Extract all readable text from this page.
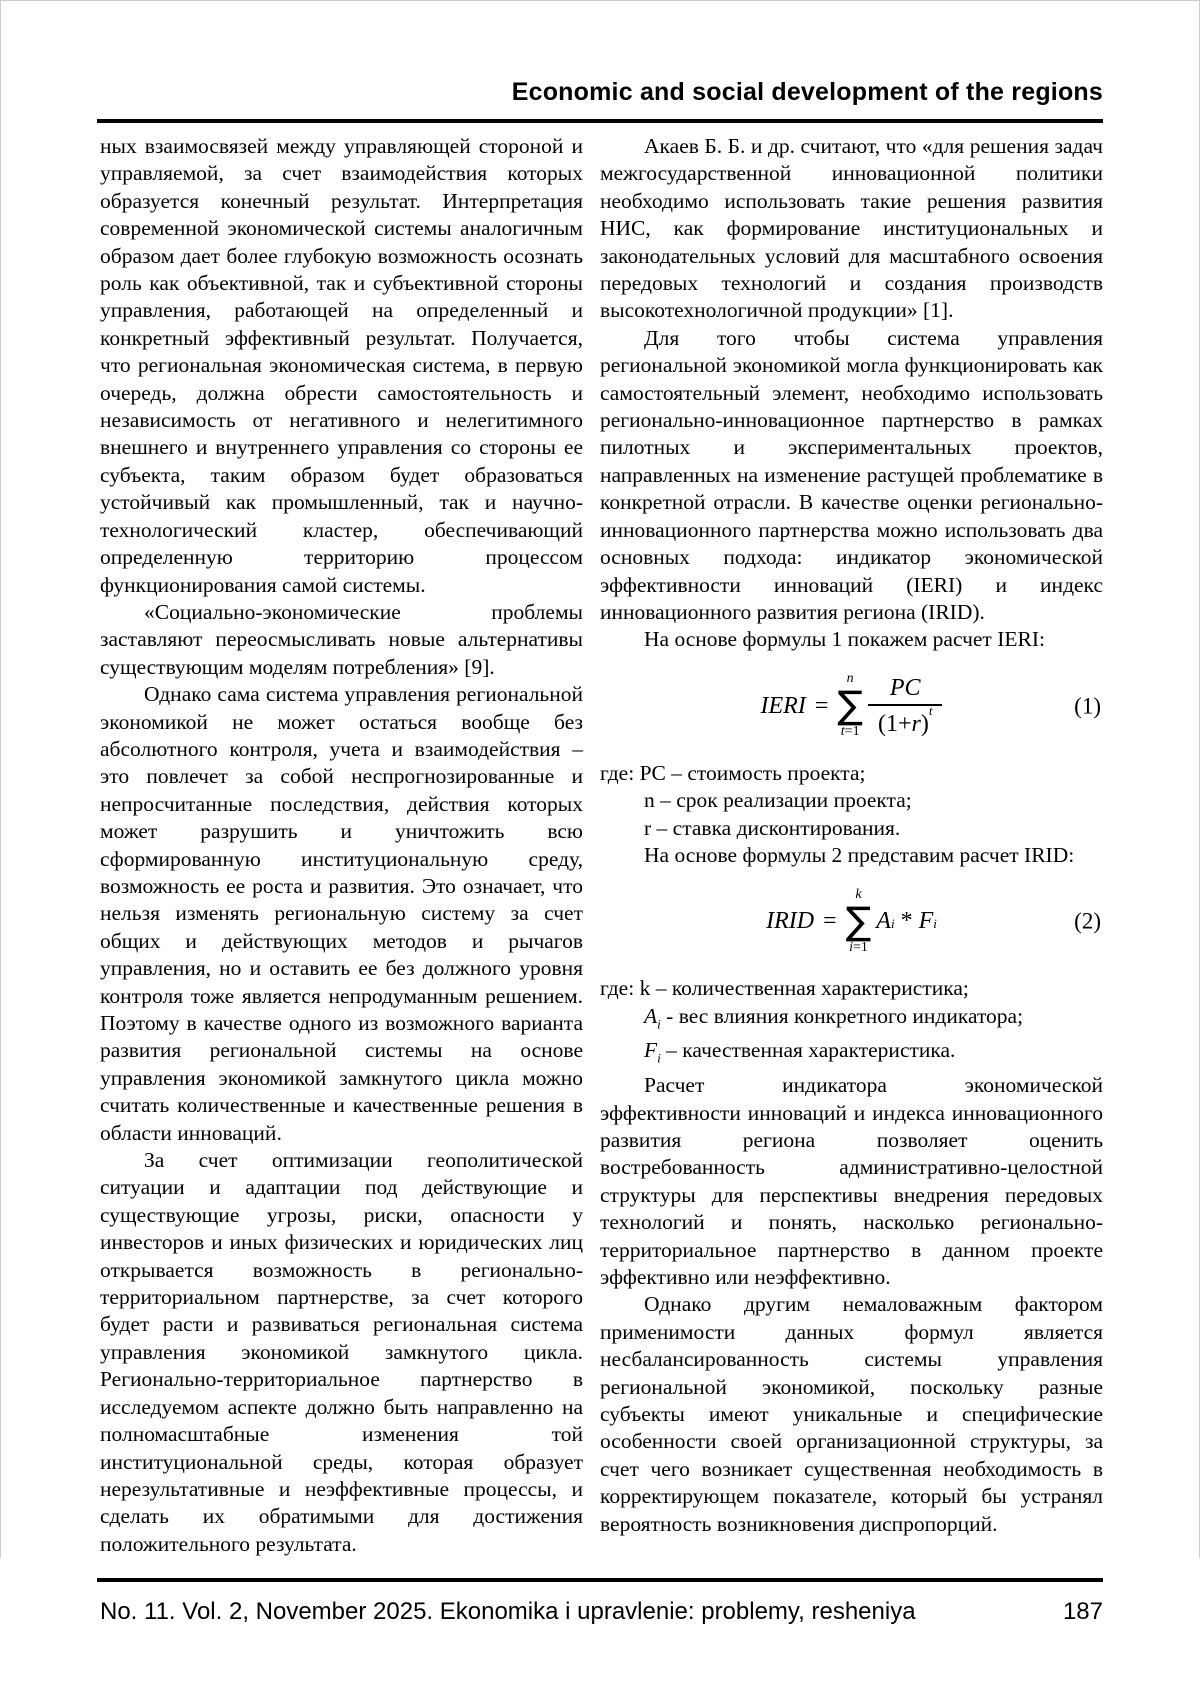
Economic and social development of the regions

ных взаимосвязей между управляющей стороной и управляемой, за счет взаимодействия которых образуется конечный результат. Интерпретация современной экономической системы аналогичным образом дает более глубокую возможность осознать роль как объективной, так и субъективной стороны управления, работающей на определенный и конкретный эффективный результат. Получается, что региональная экономическая система, в первую очередь, должна обрести самостоятельность и независимость от негативного и нелегитимного внешнего и внутреннего управления со стороны ее субъекта, таким образом будет образоваться устойчивый как промышленный, так и научно-технологический кластер, обеспечивающий определенную территорию процессом функционирования самой системы.

«Социально-экономические проблемы заставляют переосмысливать новые альтернативы существующим моделям потребления» [9].

Однако сама система управления региональной экономикой не может остаться вообще без абсолютного контроля, учета и взаимодействия – это повлечет за собой неспрогнозированные и непросчитанные последствия, действия которых может разрушить и уничтожить всю сформированную институциональную среду, возможность ее роста и развития. Это означает, что нельзя изменять региональную систему за счет общих и действующих методов и рычагов управления, но и оставить ее без должного уровня контроля тоже является непродуманным решением. Поэтому в качестве одного из возможного варианта развития региональной системы на основе управления экономикой замкнутого цикла можно считать количественные и качественные решения в области инноваций.

За счет оптимизации геополитической ситуации и адаптации под действующие и существующие угрозы, риски, опасности у инвесторов и иных физических и юридических лиц открывается возможность в регионально-территориальном партнерстве, за счет которого будет расти и развиваться региональная система управления экономикой замкнутого цикла. Регионально-территориальное партнерство в исследуемом аспекте должно быть направленно на полномасштабные изменения той институциональной среды, которая образует нерезультативные и неэффективные процессы, и сделать их обратимыми для достижения положительного результата.

Акаев Б. Б. и др. считают, что «для решения задач межгосударственной инновационной политики необходимо использовать такие решения развития НИС, как формирование институциональных и законодательных условий для масштабного освоения передовых технологий и создания производств высокотехнологичной продукции» [1].

Для того чтобы система управления региональной экономикой могла функционировать как самостоятельный элемент, необходимо использовать регионально-инновационное партнерство в рамках пилотных и экспериментальных проектов, направленных на изменение растущей проблематике в конкретной отрасли. В качестве оценки регионально-инновационного партнерства можно использовать два основных подхода: индикатор экономической эффективности инноваций (IERI) и индекс инновационного развития региона (IRID).

На основе формулы 1 покажем расчет IERI:

IERI =
n
∑
$t=1 \frac{PC}{(1+r)^t}$	(1)

где: PC – стоимость проекта;

n – срок реализации проекта;

r – ставка дисконтирования.

На основе формулы 2 представим расчет IRID:

IRID =
k
∑
i=1
A i * F i	(2)

где: k – количественная характеристика;

$A_i$ - вес влияния конкретного индикатора;

$F_i$ – качественная характеристика.

Расчет индикатора экономической эффективности инноваций и индекса инновационного развития региона позволяет оценить востребованность административно-целостной структуры для перспективы внедрения передовых технологий и понять, насколько регионально-территориальное партнерство в данном проекте эффективно или неэффективно.

Однако другим немаловажным фактором применимости данных формул является несбалансированность системы управления региональной экономикой, поскольку разные субъекты имеют уникальные и специфические особенности своей организационной структуры, за счет чего возникает существенная необходимость в корректирующем показателе, который бы устранял вероятность возникновения диспропорций.

No. 11. Vol. 2, November 2025. Ekonomika i upravlenie: problemy, resheniya	187
